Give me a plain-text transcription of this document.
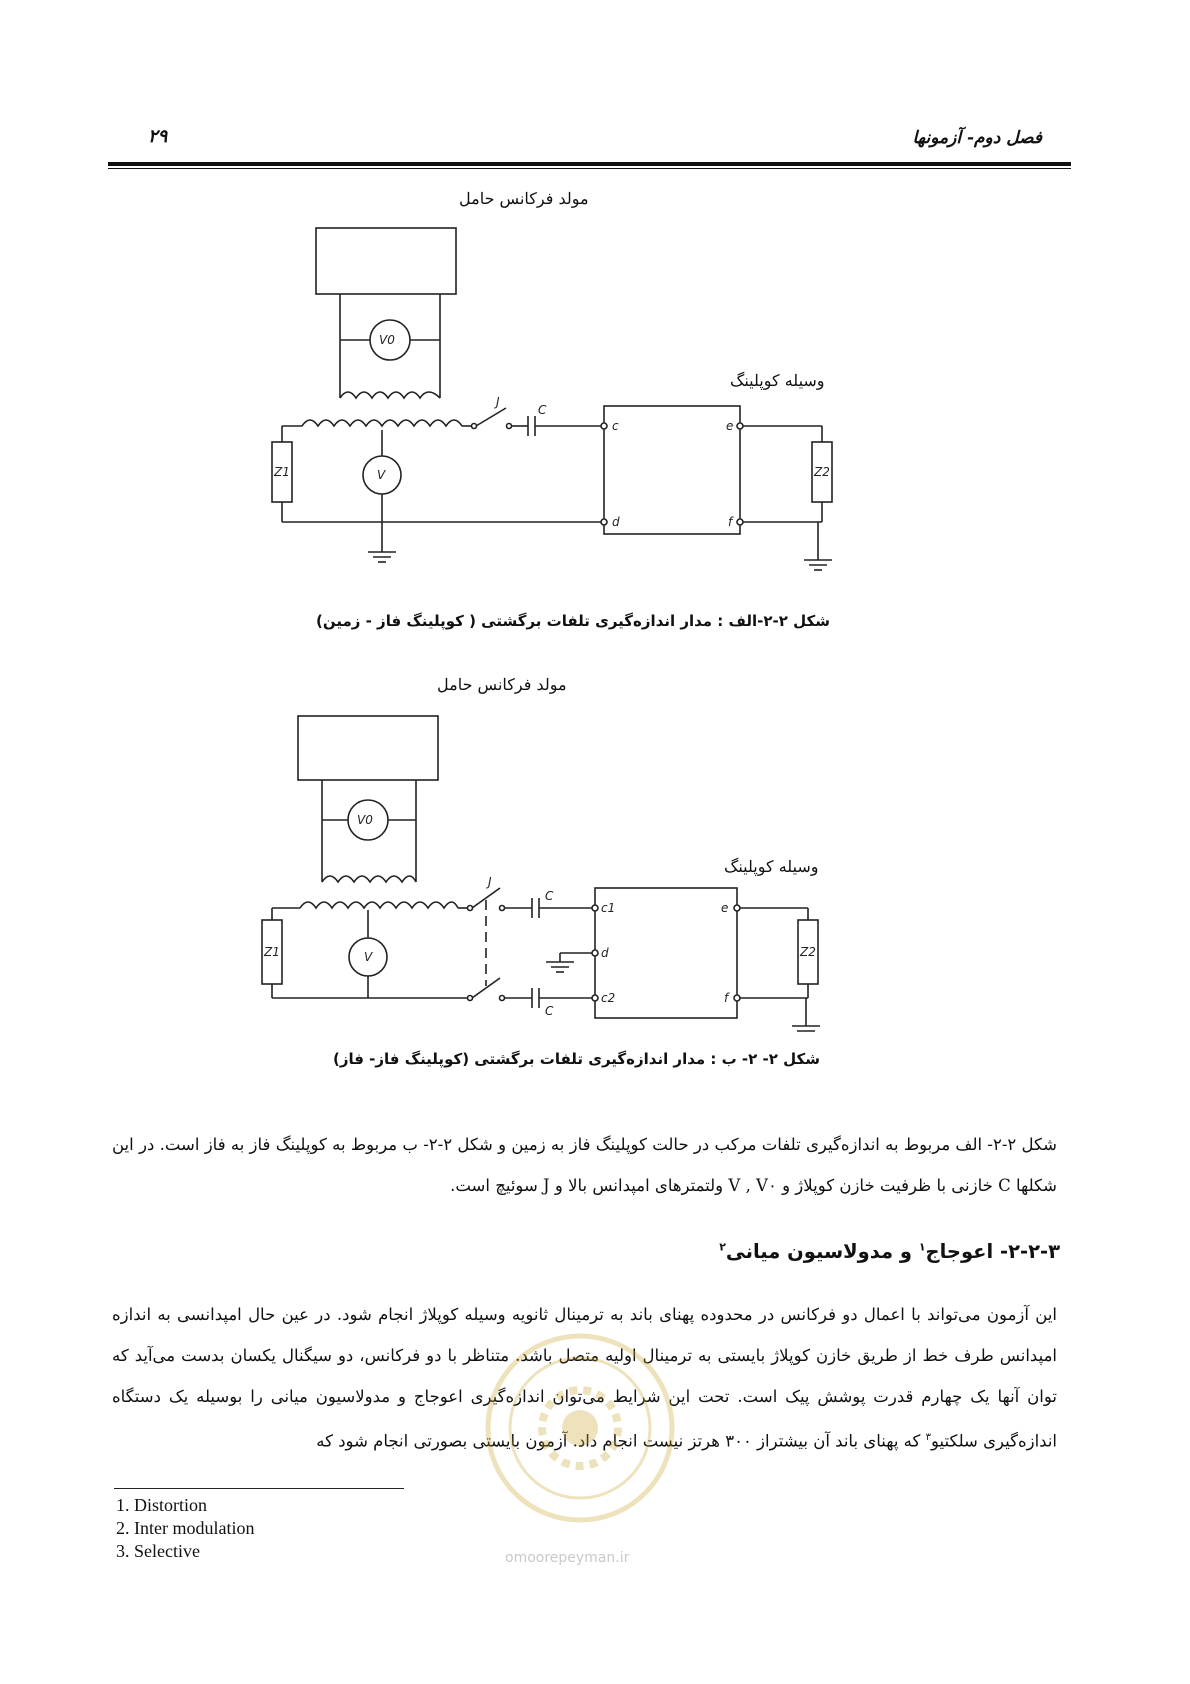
فصل دوم- آزمونها
۲۹
مولد فرکانس حامل
وسیله کوپلینگ
V0
V
Z1	Z2
J
C
c
d
e
f
شکل ۲-۲-الف : مدار اندازه‌گیری تلفات برگشتی ( کوپلینگ فاز - زمین)
مولد فرکانس حامل
وسیله کوپلینگ
V0
V
Z1	Z2
J
C
C
c1
d
c2
e
f
شکل ۲- ۲- ب : مدار اندازه‌گیری تلفات برگشتی (کوپلینگ فاز- فاز)
شکل ۲-۲- الف مربوط به اندازه‌گیری تلفات مرکب در حالت کوپلینگ فاز به زمین و شکل ۲-۲- ب مربوط به کوپلینگ فاز به فاز است. در این شکلها C خازنی با ظرفیت خازن کوپلاژ و V , V۰ ولتمترهای امپدانس بالا و J سوئیچ است.
۲-۲-۳- اعوجاج$^۱$ و مدولاسیون میانی$^۲$
این آزمون می‌تواند با اعمال دو فرکانس در محدوده پهنای باند به ترمینال ثانویه وسیله کوپلاژ انجام شود. در عین حال امپدانسی به اندازه امپدانس طرف خط از طریق خازن کوپلاژ بایستی به ترمینال اولیه متصل باشد. متناظر با دو فرکانس، دو سیگنال یکسان بدست می‌آید که توان آنها یک چهارم قدرت پوشش پیک است. تحت این شرایط می‌توان اندازه‌گیری اعوجاج و مدولاسیون میانی را بوسیله یک دستگاه اندازه‌گیری سلکتیو$^۳$ که پهنای باند آن بیشتراز ۳۰۰ هرتز نیست انجام داد. آزمون بایستی بصورتی انجام شود که
1. Distortion
2. Inter modulation
3. Selective	omoorepeyman.ir
